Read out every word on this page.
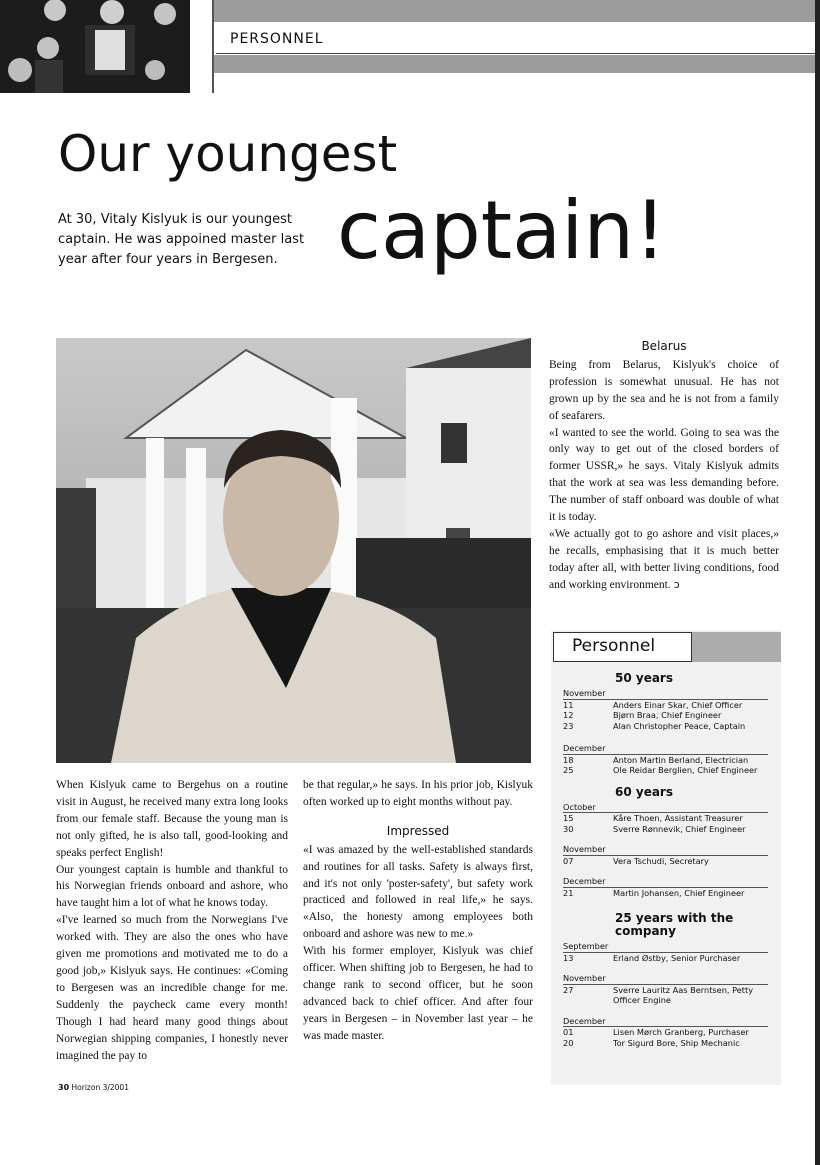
PERSONNEL
Our youngest
captain!
At 30, Vitaly Kislyuk is our youngest captain. He was appoined master last year after four years in Bergesen.

When Kislyuk came to Bergehus on a routine visit in August, he received many extra long looks from our female staff. Because the young man is not only gifted, he is also tall, good-looking and speaks perfect English!

Our youngest captain is humble and thankful to his Norwegian friends onboard and ashore, who have taught him a lot of what he knows today.

«I've learned so much from the Norwegians I've worked with. They are also the ones who have given me promotions and motivated me to do a good job,» Kislyuk says. He continues: «Coming to Bergesen was an incredible change for me. Suddenly the paycheck came every month! Though I had heard many good things about Norwegian shipping companies, I honestly never imagined the pay to

be that regular,» he says. In his prior job, Kislyuk often worked up to eight months without pay.

Impressed

«I was amazed by the well-established standards and routines for all tasks. Safety is always first, and it's not only 'poster-safety', but safety work practiced and followed in real life,» he says. «Also, the honesty among employees both onboard and ashore was new to me.»

With his former employer, Kislyuk was chief officer. When shifting job to Bergesen, he had to change rank to second officer, but he soon advanced back to chief officer. And after four years in Bergesen – in November last year – he was made master.

Belarus

Being from Belarus, Kislyuk's choice of profession is somewhat unusual. He has not grown up by the sea and he is not from a family of seafarers.

«I wanted to see the world. Going to sea was the only way to get out of the closed borders of former USSR,» he says. Vitaly Kislyuk admits that the work at sea was less demanding before. The number of staff onboard was double of what it is today.

«We actually got to go ashore and visit places,» he recalls, emphasising that it is much better today after all, with better living conditions, food and working environment. ↄ

Personnel
50 years
November
11	Anders Einar Skar, Chief Officer
12	Bjørn Braa, Chief Engineer
23	Alan Christopher Peace, Captain
December
18	Anton Martin Berland, Electrician
25	Ole Reidar Berglien, Chief Engineer
60 years
October
15	Kåre Thoen, Assistant Treasurer
30	Sverre Rønnevik, Chief Engineer
November
07	Vera Tschudi, Secretary
December
21	Martin Johansen, Chief Engineer
25 years with the company
September
13	Erland Østby, Senior Purchaser
November
27	Sverre Lauritz Aas Berntsen, Petty Officer Engine
December
01	Lisen Mørch Granberg, Purchaser
20	Tor Sigurd Bore, Ship Mechanic
30 Horizon 3/2001
